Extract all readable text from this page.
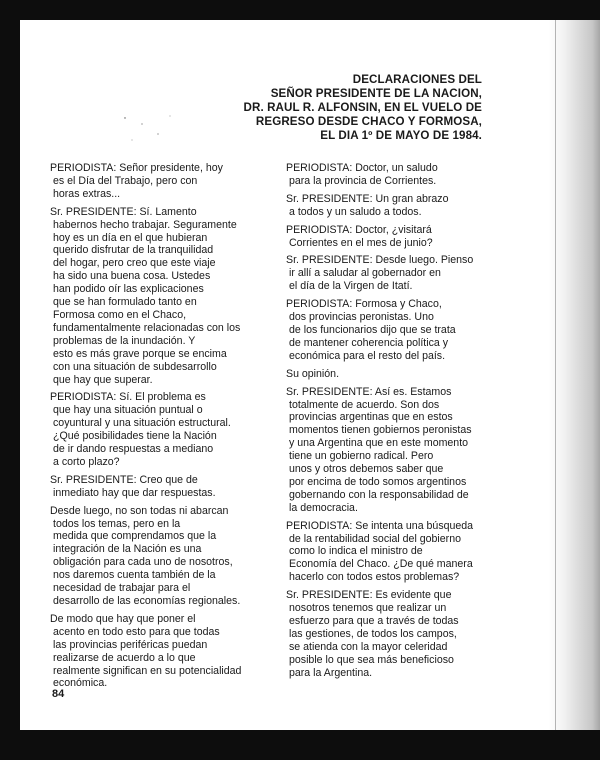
DECLARACIONES DEL
SEÑOR PRESIDENTE DE LA NACION,
DR. RAUL R. ALFONSIN, EN EL VUELO DE
REGRESO DESDE CHACO Y FORMOSA,
EL DIA 1º DE MAYO DE 1984.
PERIODISTA: Señor presidente, hoy
es el Día del Trabajo, pero con
horas extras...
Sr. PRESIDENTE: Sí. Lamento
habernos hecho trabajar. Seguramente
hoy es un día en el que hubieran
querido disfrutar de la tranquilidad
del hogar, pero creo que este viaje
ha sido una buena cosa. Ustedes
han podido oír las explicaciones
que se han formulado tanto en
Formosa como en el Chaco,
fundamentalmente relacionadas con los
problemas de la inundación. Y
esto es más grave porque se encima
con una situación de subdesarrollo
que hay que superar.
PERIODISTA: Sí. El problema es
que hay una situación puntual o
coyuntural y una situación estructural.
¿Qué posibilidades tiene la Nación
de ir dando respuestas a mediano
a corto plazo?
Sr. PRESIDENTE: Creo que de
inmediato hay que dar respuestas.
Desde luego, no son todas ni abarcan
todos los temas, pero en la
medida que comprendamos que la
integración de la Nación es una
obligación para cada uno de nosotros,
nos daremos cuenta también de la
necesidad de trabajar para el
desarrollo de las economías regionales.
De modo que hay que poner el
acento en todo esto para que todas
las provincias periféricas puedan
realizarse de acuerdo a lo que
realmente significan en su potencialidad
económica.
PERIODISTA: Doctor, un saludo
para la provincia de Corrientes.
Sr. PRESIDENTE: Un gran abrazo
a todos y un saludo a todos.
PERIODISTA: Doctor, ¿visitará
Corrientes en el mes de junio?
Sr. PRESIDENTE: Desde luego. Pienso
ir allí a saludar al gobernador en
el día de la Virgen de Itatí.
PERIODISTA: Formosa y Chaco,
dos provincias peronistas. Uno
de los funcionarios dijo que se trata
de mantener coherencia política y
económica para el resto del país.
Su opinión.
Sr. PRESIDENTE: Así es. Estamos
totalmente de acuerdo. Son dos
provincias argentinas que en estos
momentos tienen gobiernos peronistas
y una Argentina que en este momento
tiene un gobierno radical. Pero
unos y otros debemos saber que
por encima de todo somos argentinos
gobernando con la responsabilidad de
la democracia.
PERIODISTA: Se intenta una búsqueda
de la rentabilidad social del gobierno
como lo indica el ministro de
Economía del Chaco. ¿De qué manera
hacerlo con todos estos problemas?
Sr. PRESIDENTE: Es evidente que
nosotros tenemos que realizar un
esfuerzo para que a través de todas
las gestiones, de todos los campos,
se atienda con la mayor celeridad
posible lo que sea más beneficioso
para la Argentina.
84
